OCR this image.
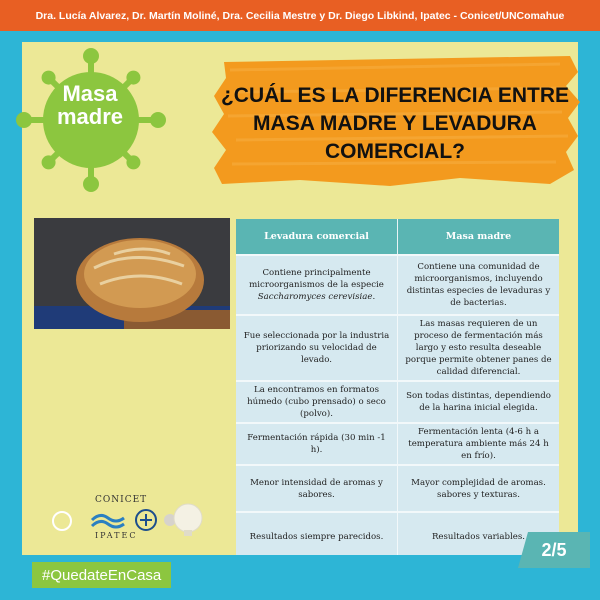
Dra. Lucía Alvarez, Dr. Martín Moliné, Dra. Cecilia Mestre y Dr. Diego Libkind, Ipatec - Conicet/UNComahue
¿CUÁL ES LA DIFERENCIA ENTRE MASA MADRE Y LEVADURA COMERCIAL?
Masa madre
Levadura comercial	Masa madre
Contiene principalmente microorganismos de la especie Saccharomyces cerevisiae.	Contiene una comunidad de microorganismos, incluyendo distintas especies de levaduras y de bacterias.
Fue seleccionada por la industria priorizando su velocidad de levado.	Las masas requieren de un proceso de fermentación más largo y esto resulta deseable porque permite obtener panes de calidad diferencial.
La encontramos en formatos húmedo (cubo prensado) o seco (polvo).	Son todas distintas, dependiendo de la harina inicial elegida.
Fermentación rápida (30 min -1 h).	Fermentación lenta (4-6 h a temperatura ambiente más 24 h en frío).
Menor intensidad de aromas y sabores.	Mayor complejidad de aromas. sabores y texturas.
Resultados siempre parecidos.	Resultados variables.
CONICET
IPATEC
#QuedateEnCasa
2/5
